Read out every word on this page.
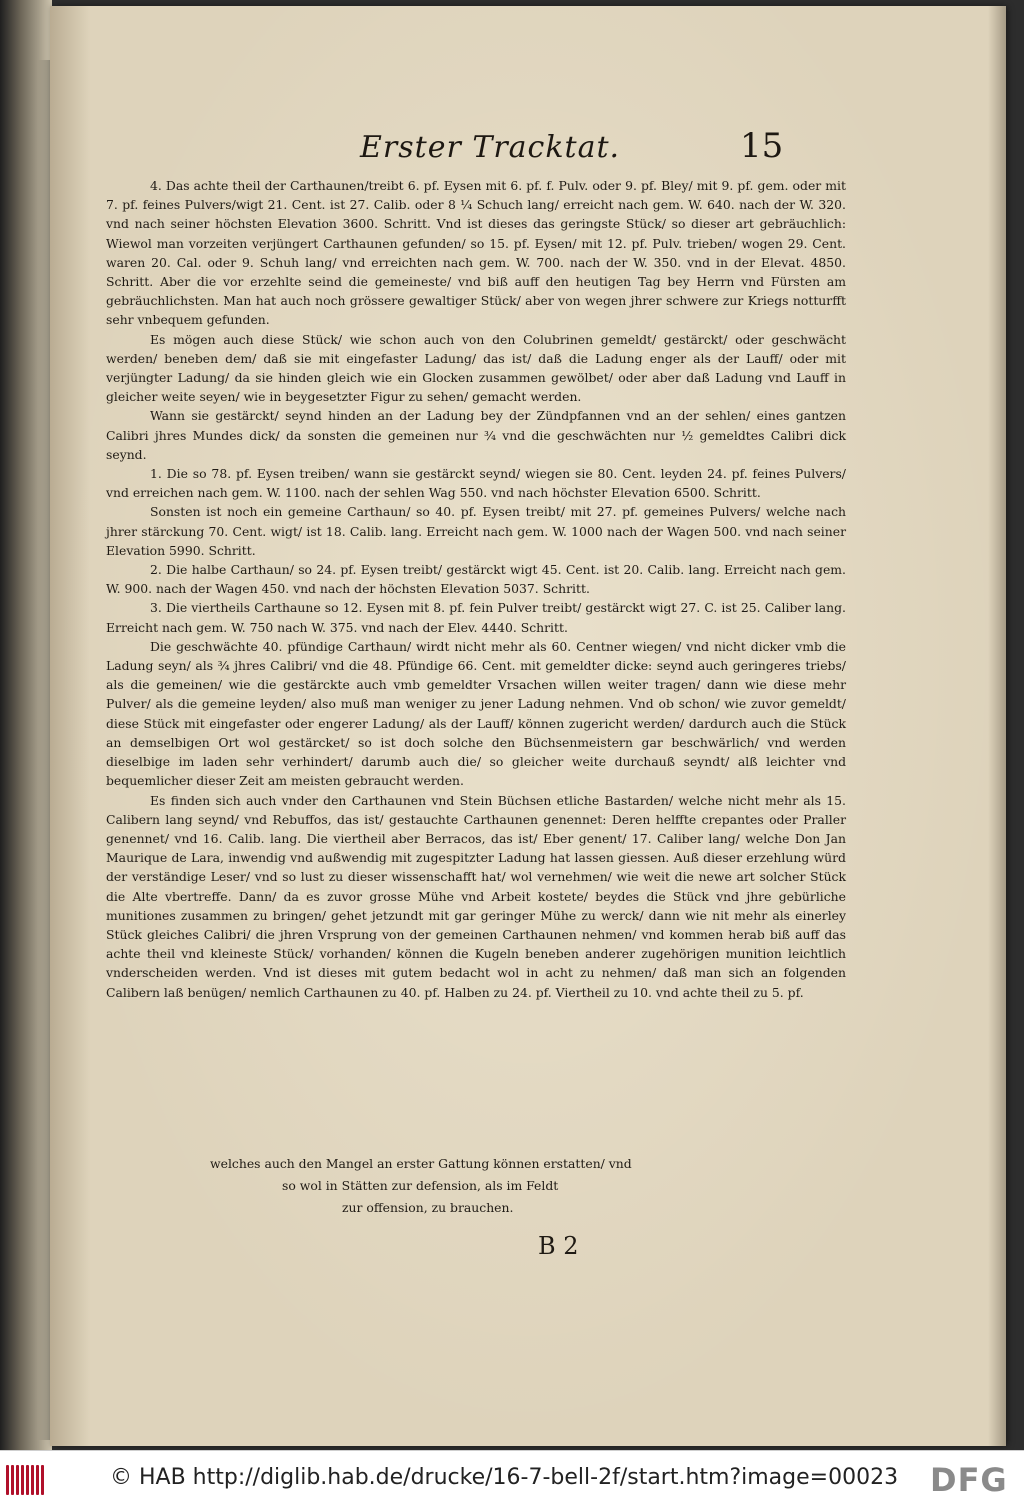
Erster Tracktat.	15

4. Das achte theil der Carthaunen/treibt 6. pf. Eysen mit 6. pf. f. Pulv. oder 9. pf. Bley/ mit 9. pf. gem. oder mit 7. pf. feines Pulvers/wigt 21. Cent. ist 27. Calib. oder 8 ¼ Schuch lang/ erreicht nach gem. W. 640. nach der W. 320. vnd nach seiner höchsten Elevation 3600. Schritt. Vnd ist dieses das geringste Stück/ so dieser art gebräuchlich: Wiewol man vorzeiten verjüngert Carthaunen gefunden/ so 15. pf. Eysen/ mit 12. pf. Pulv. trieben/ wogen 29. Cent. waren 20. Cal. oder 9. Schuh lang/ vnd erreichten nach gem. W. 700. nach der W. 350. vnd in der Elevat. 4850. Schritt. Aber die vor erzehlte seind die gemeineste/ vnd biß auff den heutigen Tag bey Herrn vnd Fürsten am gebräuchlichsten. Man hat auch noch grössere gewaltiger Stück/ aber von wegen jhrer schwere zur Kriegs notturfft sehr vnbequem gefunden.

Es mögen auch diese Stück/ wie schon auch von den Colubrinen gemeldt/ gestärckt/ oder geschwächt werden/ beneben dem/ daß sie mit eingefaster Ladung/ das ist/ daß die Ladung enger als der Lauff/ oder mit verjüngter Ladung/ da sie hinden gleich wie ein Glocken zusammen gewölbet/ oder aber daß Ladung vnd Lauff in gleicher weite seyen/ wie in beygesetzter Figur zu sehen/ gemacht werden.

Wann sie gestärckt/ seynd hinden an der Ladung bey der Zündpfannen vnd an der sehlen/ eines gantzen Calibri jhres Mundes dick/ da sonsten die gemeinen nur ¾ vnd die geschwächten nur ½ gemeldtes Calibri dick seynd.

1. Die so 78. pf. Eysen treiben/ wann sie gestärckt seynd/ wiegen sie 80. Cent. leyden 24. pf. feines Pulvers/ vnd erreichen nach gem. W. 1100. nach der sehlen Wag 550. vnd nach höchster Elevation 6500. Schritt.

Sonsten ist noch ein gemeine Carthaun/ so 40. pf. Eysen treibt/ mit 27. pf. gemeines Pulvers/ welche nach jhrer stärckung 70. Cent. wigt/ ist 18. Calib. lang. Erreicht nach gem. W. 1000 nach der Wagen 500. vnd nach seiner Elevation 5990. Schritt.

2. Die halbe Carthaun/ so 24. pf. Eysen treibt/ gestärckt wigt 45. Cent. ist 20. Calib. lang. Erreicht nach gem. W. 900. nach der Wagen 450. vnd nach der höchsten Elevation 5037. Schritt.

3. Die viertheils Carthaune so 12. Eysen mit 8. pf. fein Pulver treibt/ gestärckt wigt 27. C. ist 25. Caliber lang. Erreicht nach gem. W. 750 nach W. 375. vnd nach der Elev. 4440. Schritt.

Die geschwächte 40. pfündige Carthaun/ wirdt nicht mehr als 60. Centner wiegen/ vnd nicht dicker vmb die Ladung seyn/ als ¾ jhres Calibri/ vnd die 48. Pfündige 66. Cent. mit gemeldter dicke: seynd auch geringeres triebs/ als die gemeinen/ wie die gestärckte auch vmb gemeldter Vrsachen willen weiter tragen/ dann wie diese mehr Pulver/ als die gemeine leyden/ also muß man weniger zu jener Ladung nehmen. Vnd ob schon/ wie zuvor gemeldt/ diese Stück mit eingefaster oder engerer Ladung/ als der Lauff/ können zugericht werden/ dardurch auch die Stück an demselbigen Ort wol gestärcket/ so ist doch solche den Büchsenmeistern gar beschwärlich/ vnd werden dieselbige im laden sehr verhindert/ darumb auch die/ so gleicher weite durchauß seyndt/ alß leichter vnd bequemlicher dieser Zeit am meisten gebraucht werden.

Es finden sich auch vnder den Carthaunen vnd Stein Büchsen etliche Bastarden/ welche nicht mehr als 15. Calibern lang seynd/ vnd Rebuffos, das ist/ gestauchte Carthaunen genennet: Deren helffte crepantes oder Praller genennet/ vnd 16. Calib. lang. Die viertheil aber Berracos, das ist/ Eber genent/ 17. Caliber lang/ welche Don Jan Maurique de Lara, inwendig vnd außwendig mit zugespitzter Ladung hat lassen giessen. Auß dieser erzehlung würd der verständige Leser/ vnd so lust zu dieser wissenschafft hat/ wol vernehmen/ wie weit die newe art solcher Stück die Alte vbertreffe. Dann/ da es zuvor grosse Mühe vnd Arbeit kostete/ beydes die Stück vnd jhre gebürliche munitiones zusammen zu bringen/ gehet jetzundt mit gar geringer Mühe zu werck/ dann wie nit mehr als einerley Stück gleiches Calibri/ die jhren Vrsprung von der gemeinen Carthaunen nehmen/ vnd kommen herab biß auff das achte theil vnd kleineste Stück/ vorhanden/ können die Kugeln beneben anderer zugehörigen munition leichtlich vnderscheiden werden. Vnd ist dieses mit gutem bedacht wol in acht zu nehmen/ daß man sich an folgenden Calibern laß benügen/ nemlich Carthaunen zu 40. pf. Halben zu 24. pf. Viertheil zu 10. vnd achte theil zu 5. pf.

welches auch den Mangel an erster Gattung können erstatten/ vnd
so wol in Stätten zur defension, als im Feldt
zur offension, zu brauchen.
B 2
© HAB http://diglib.hab.de/drucke/16-7-bell-2f/start.htm?image=00023 DFG
